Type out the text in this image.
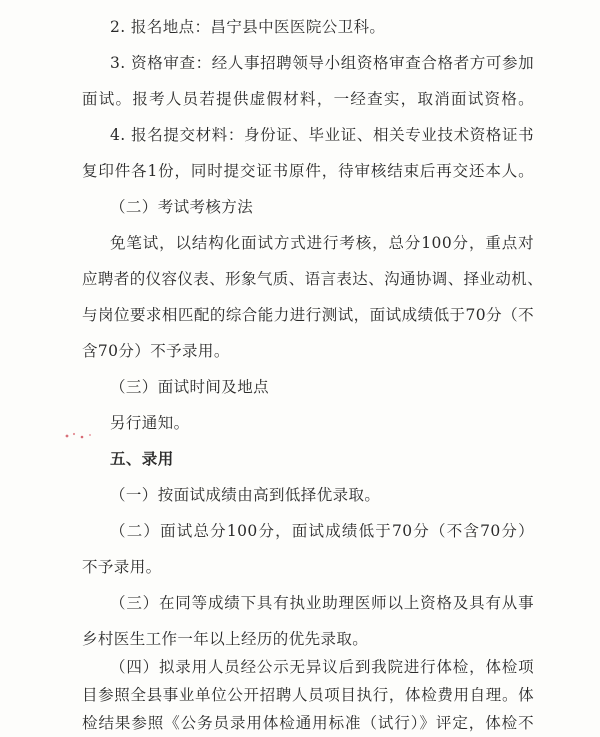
2. 报名地点：昌宁县中医医院公卫科。
3. 资格审查：经人事招聘领导小组资格审查合格者方可参加
面试。报考人员若提供虚假材料，一经查实，取消面试资格。
4. 报名提交材料：身份证、毕业证、相关专业技术资格证书
复印件各1份，同时提交证书原件，待审核结束后再交还本人。
（二）考试考核方法
免笔试，以结构化面试方式进行考核，总分100分，重点对
应聘者的仪容仪表、形象气质、语言表达、沟通协调、择业动机、
与岗位要求相匹配的综合能力进行测试，面试成绩低于70分（不
含70分）不予录用。
（三）面试时间及地点
另行通知。
五、录用
（一）按面试成绩由高到低择优录取。
（二）面试总分100分，面试成绩低于70分（不含70分）
不予录用。
（三）在同等成绩下具有执业助理医师以上资格及具有从事
乡村医生工作一年以上经历的优先录取。
（四）拟录用人员经公示无异议后到我院进行体检，体检项
目参照全县事业单位公开招聘人员项目执行，体检费用自理。体
检结果参照《公务员录用体检通用标准（试行）》评定，体检不
